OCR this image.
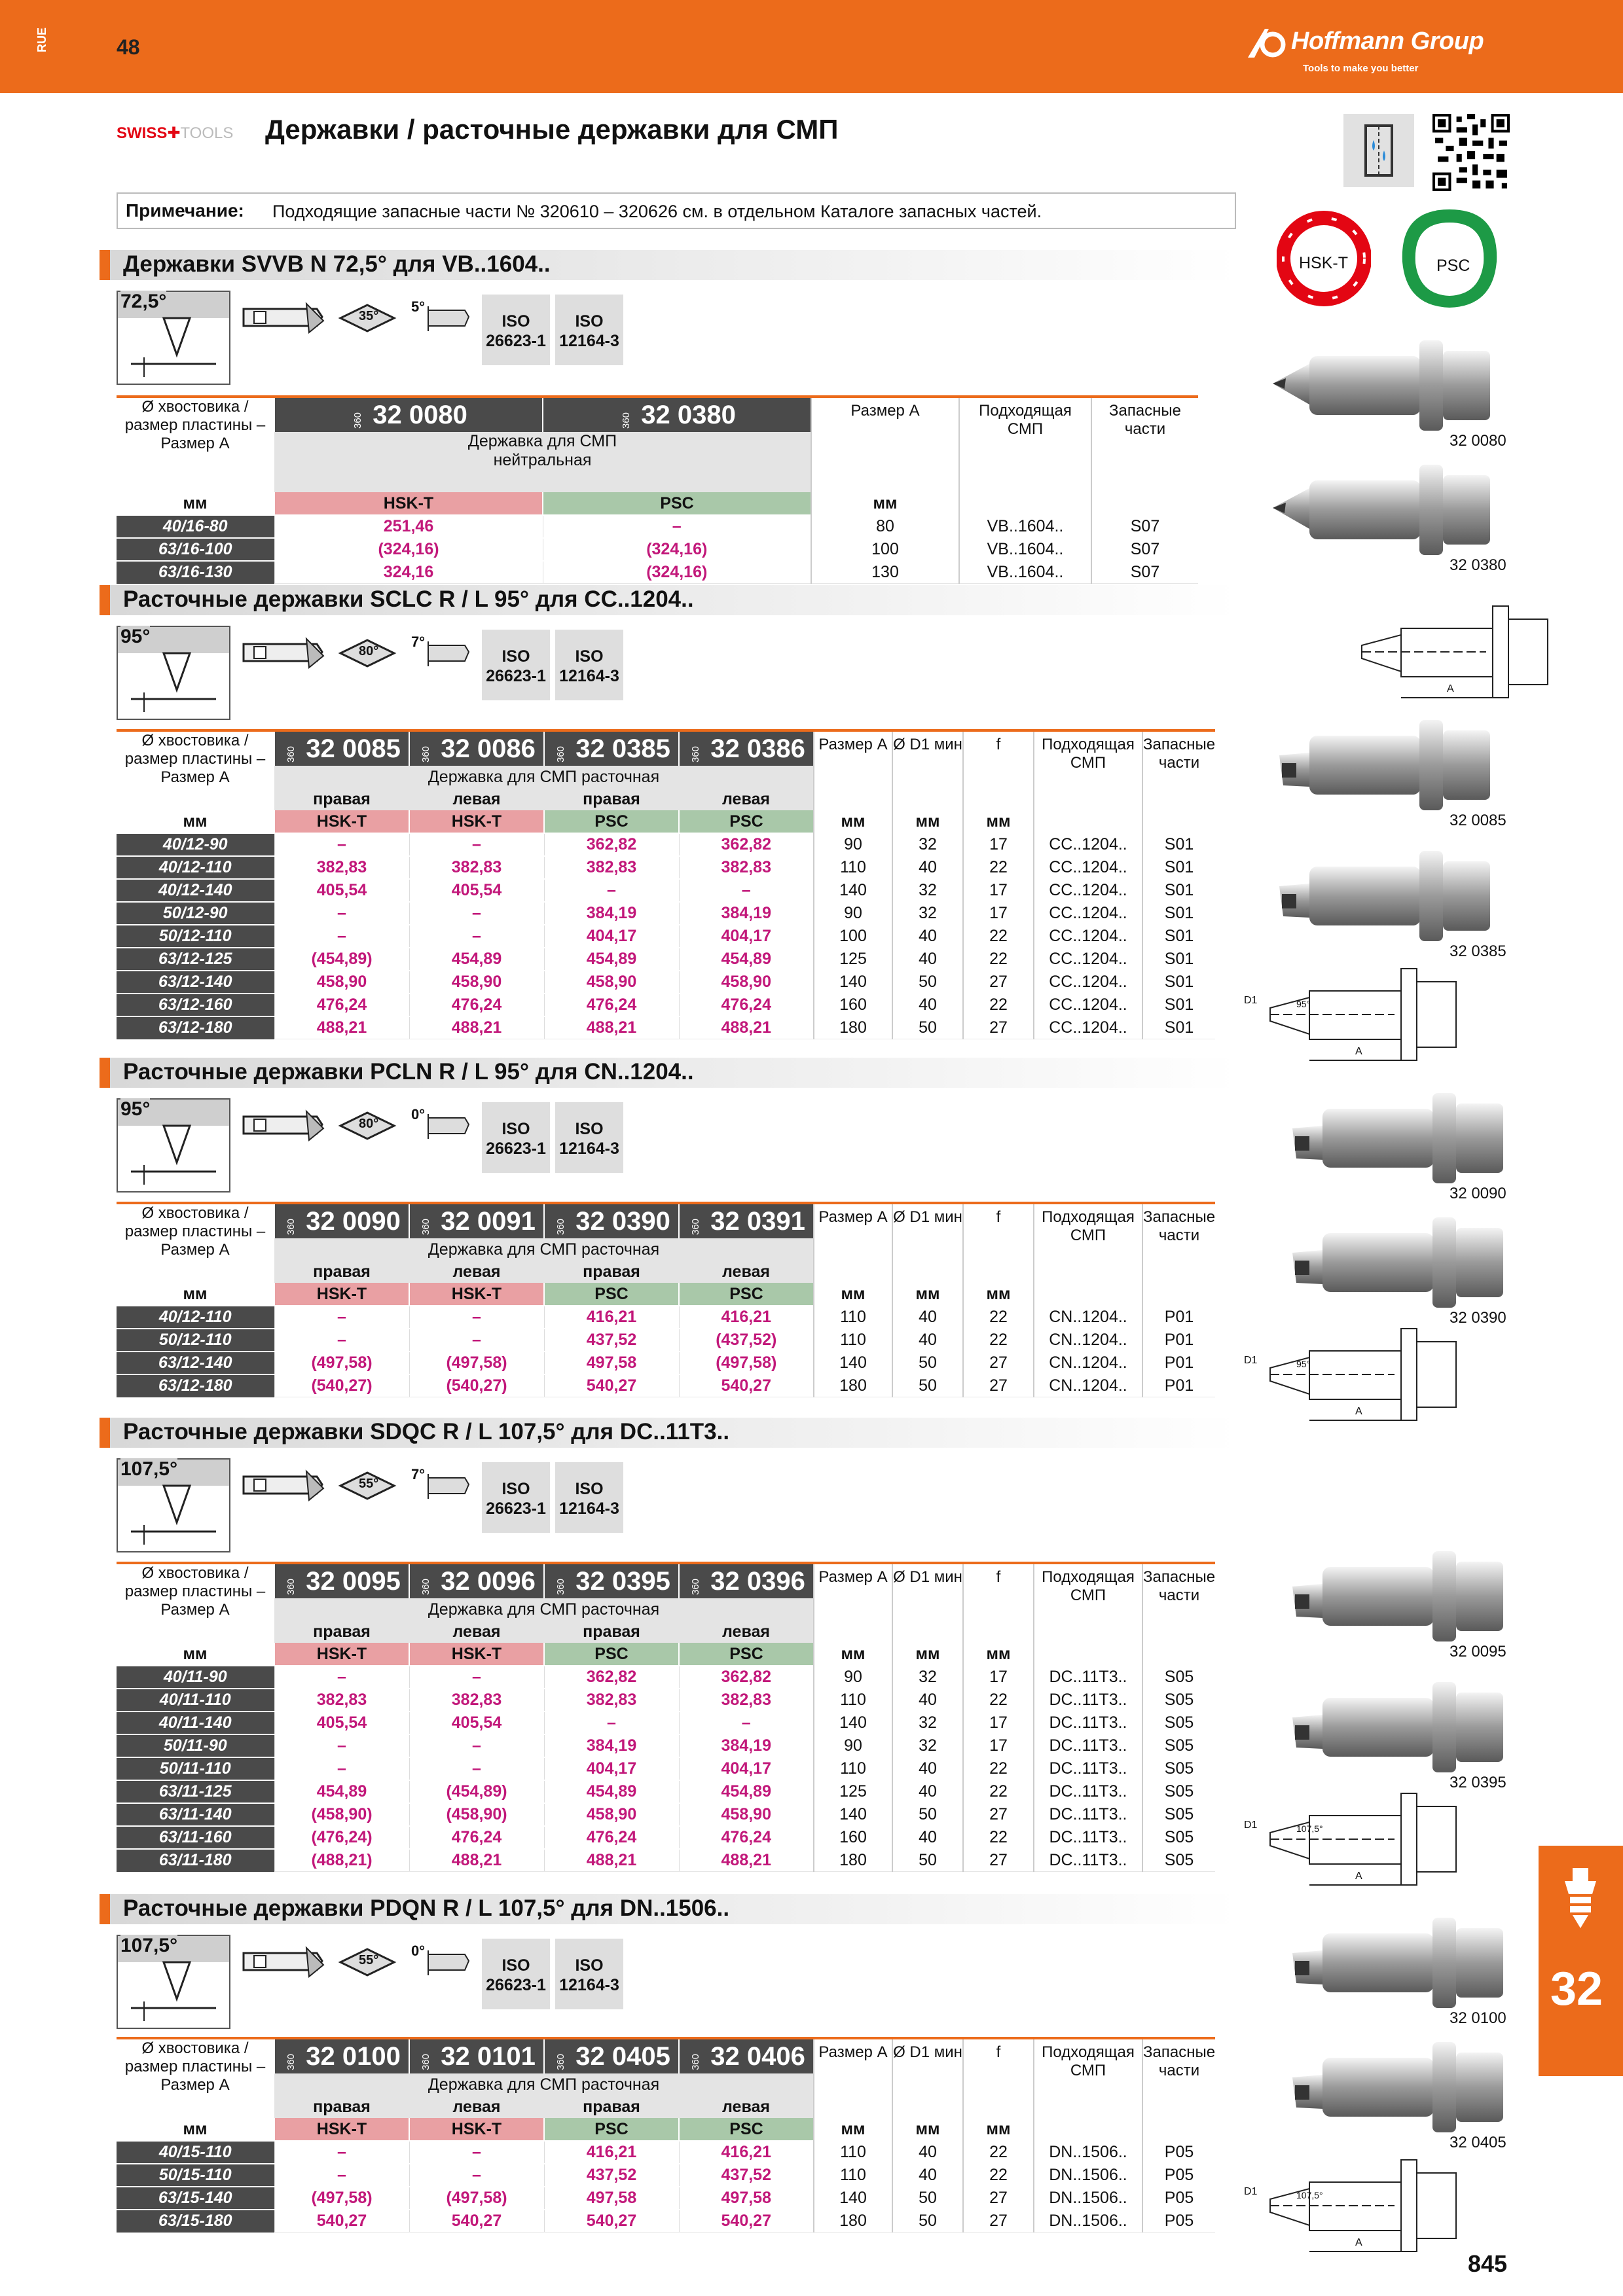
RUE	48	Hoffmann Group
Tools to make you better
SWISS✚TOOLS Державки / расточные державки для СМП
Примечание: Подходящие запасные части № 320610 – 320626 см. в отдельном Каталоге запасных частей.
HSK-T	PSC
32
845
Державки SVVB N 72,5° для VB..1604..
72,5°
35°
5°
ISO
26623-1
ISO
12164-3
Ø хвостовика / размер пластины – Размер А	360 32 0080	360 32 0380	Размер А	Подходящая СМП	Запасные части
	Державка для СМП нейтральная				

мм	HSK-T	PSC	мм		
40/16-80	251,46	–	80	VB..1604..	S07
63/16-100	(324,16)	(324,16)	100	VB..1604..	S07
63/16-130	324,16	(324,16)	130	VB..1604..	S07
Расточные державки SCLC R / L 95° для CC..1204..
95°
80°
7°
ISO
26623-1
ISO
12164-3
Ø хвостовика / размер пластины – Размер А	360 32 0085	360 32 0086	360 32 0385	360 32 0386	Размер А	Ø D1 мин	f	Подходящая СМП	Запасные части
	Державка для СМП расточная								
	правая	левая	правая	левая					
мм	HSK-T	HSK-T	PSC	PSC	мм	мм	мм		
40/12-90	–	–	362,82	362,82	90	32	17	CC..1204..	S01
40/12-110	382,83	382,83	382,83	382,83	110	40	22	CC..1204..	S01
40/12-140	405,54	405,54	–	–	140	32	17	CC..1204..	S01
50/12-90	–	–	384,19	384,19	90	32	17	CC..1204..	S01
50/12-110	–	–	404,17	404,17	100	40	22	CC..1204..	S01
63/12-125	(454,89)	454,89	454,89	454,89	125	40	22	CC..1204..	S01
63/12-140	458,90	458,90	458,90	458,90	140	50	27	CC..1204..	S01
63/12-160	476,24	476,24	476,24	476,24	160	40	22	CC..1204..	S01
63/12-180	488,21	488,21	488,21	488,21	180	50	27	CC..1204..	S01
Расточные державки PCLN R / L 95° для CN..1204..
95°
80°
0°
ISO
26623-1
ISO
12164-3
Ø хвостовика / размер пластины – Размер А	360 32 0090	360 32 0091	360 32 0390	360 32 0391	Размер А	Ø D1 мин	f	Подходящая СМП	Запасные части
	Державка для СМП расточная								
	правая	левая	правая	левая					
мм	HSK-T	HSK-T	PSC	PSC	мм	мм	мм		
40/12-110	–	–	416,21	416,21	110	40	22	CN..1204..	P01
50/12-110	–	–	437,52	(437,52)	110	40	22	CN..1204..	P01
63/12-140	(497,58)	(497,58)	497,58	(497,58)	140	50	27	CN..1204..	P01
63/12-180	(540,27)	(540,27)	540,27	540,27	180	50	27	CN..1204..	P01
Расточные державки SDQC R / L 107,5° для DC..11T3..
107,5°
55°
7°
ISO
26623-1
ISO
12164-3
Ø хвостовика / размер пластины – Размер А	360 32 0095	360 32 0096	360 32 0395	360 32 0396	Размер А	Ø D1 мин	f	Подходящая СМП	Запасные части
	Державка для СМП расточная								
	правая	левая	правая	левая					
мм	HSK-T	HSK-T	PSC	PSC	мм	мм	мм		
40/11-90	–	–	362,82	362,82	90	32	17	DC..11T3..	S05
40/11-110	382,83	382,83	382,83	382,83	110	40	22	DC..11T3..	S05
40/11-140	405,54	405,54	–	–	140	32	17	DC..11T3..	S05
50/11-90	–	–	384,19	384,19	90	32	17	DC..11T3..	S05
50/11-110	–	–	404,17	404,17	110	40	22	DC..11T3..	S05
63/11-125	454,89	(454,89)	454,89	454,89	125	40	22	DC..11T3..	S05
63/11-140	(458,90)	(458,90)	458,90	458,90	140	50	27	DC..11T3..	S05
63/11-160	(476,24)	476,24	476,24	476,24	160	40	22	DC..11T3..	S05
63/11-180	(488,21)	488,21	488,21	488,21	180	50	27	DC..11T3..	S05
Расточные державки PDQN R / L 107,5° для DN..1506..
107,5°
55°
0°
ISO
26623-1
ISO
12164-3
Ø хвостовика / размер пластины – Размер А	360 32 0100	360 32 0101	360 32 0405	360 32 0406	Размер А	Ø D1 мин	f	Подходящая СМП	Запасные части
	Державка для СМП расточная								
	правая	левая	правая	левая					
мм	HSK-T	HSK-T	PSC	PSC	мм	мм	мм		
40/15-110	–	–	416,21	416,21	110	40	22	DN..1506..	P05
50/15-110	–	–	437,52	437,52	110	40	22	DN..1506..	P05
63/15-140	(497,58)	(497,58)	497,58	497,58	140	50	27	DN..1506..	P05
63/15-180	540,27	540,27	540,27	540,27	180	50	27	DN..1506..	P05
32 0080
32 0380
A
32 0085
32 0385
D1
A
95°
32 0090
32 0390
D1
A
95°
32 0095
32 0395
D1
A
107,5°
32 0100
32 0405
D1
A
107,5°
